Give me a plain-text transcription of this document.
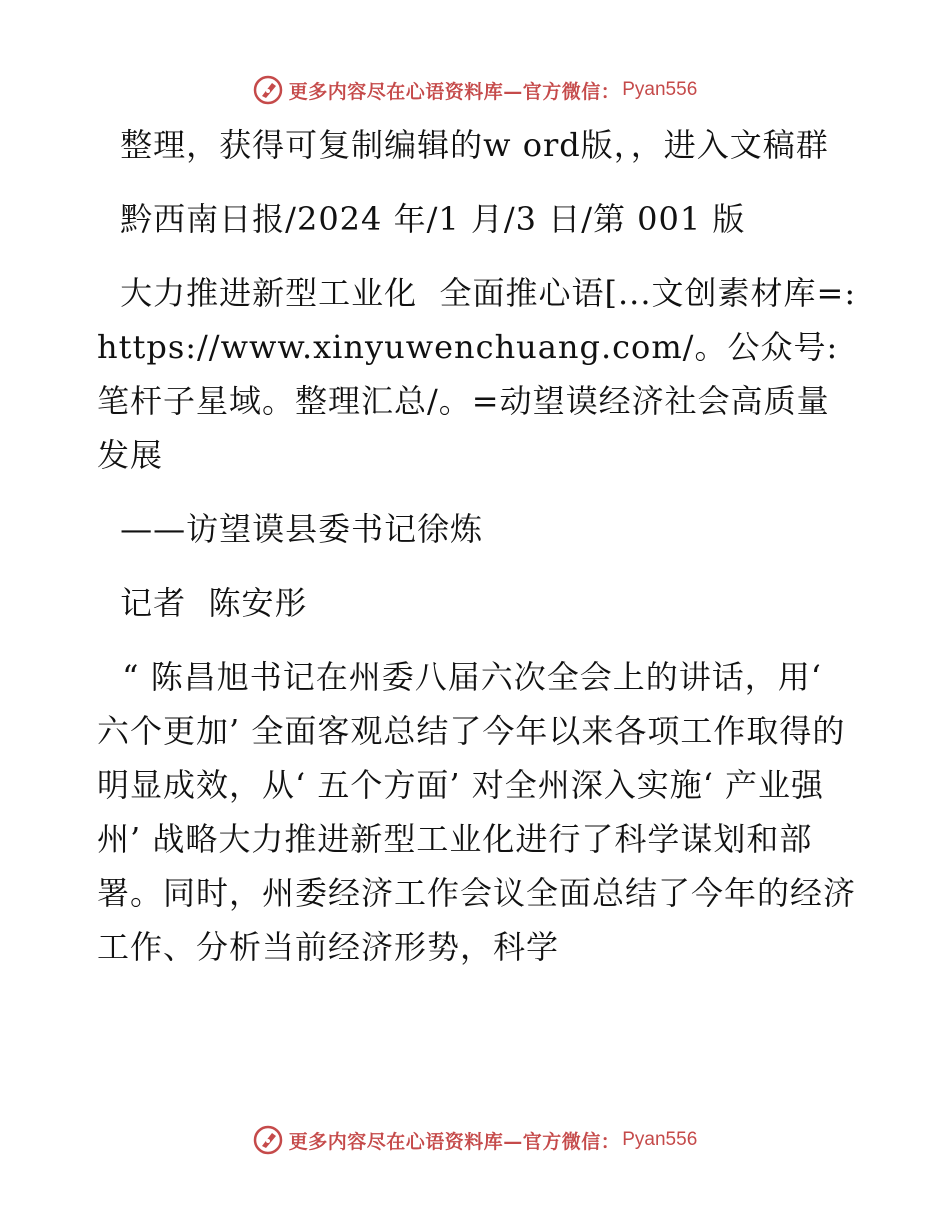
更多内容尽在心语资料库—官方微信： Pyan556

整理，获得可复制编辑的w ord版，，进入文稿群

黔西南日报/2024 年/1 月/3 日/第 001 版

大力推进新型工业化  全面推心语[...文创素材库=: https://www.xinyuwenchuang.com/。公众号:笔杆子星域。整理汇总/。=动望谟经济社会高质量发展

——访望谟县委书记徐炼

记者  陈安彤

“ 陈昌旭书记在州委八届六次全会上的讲话，用‘ 六个更加’ 全面客观总结了今年以来各项工作取得的明显成效，从‘ 五个方面’ 对全州深入实施‘ 产业强州’ 战略大力推进新型工业化进行了科学谋划和部署。同时，州委经济工作会议全面总结了今年的经济工作、分析当前经济形势，科学

更多内容尽在心语资料库—官方微信： Pyan556
